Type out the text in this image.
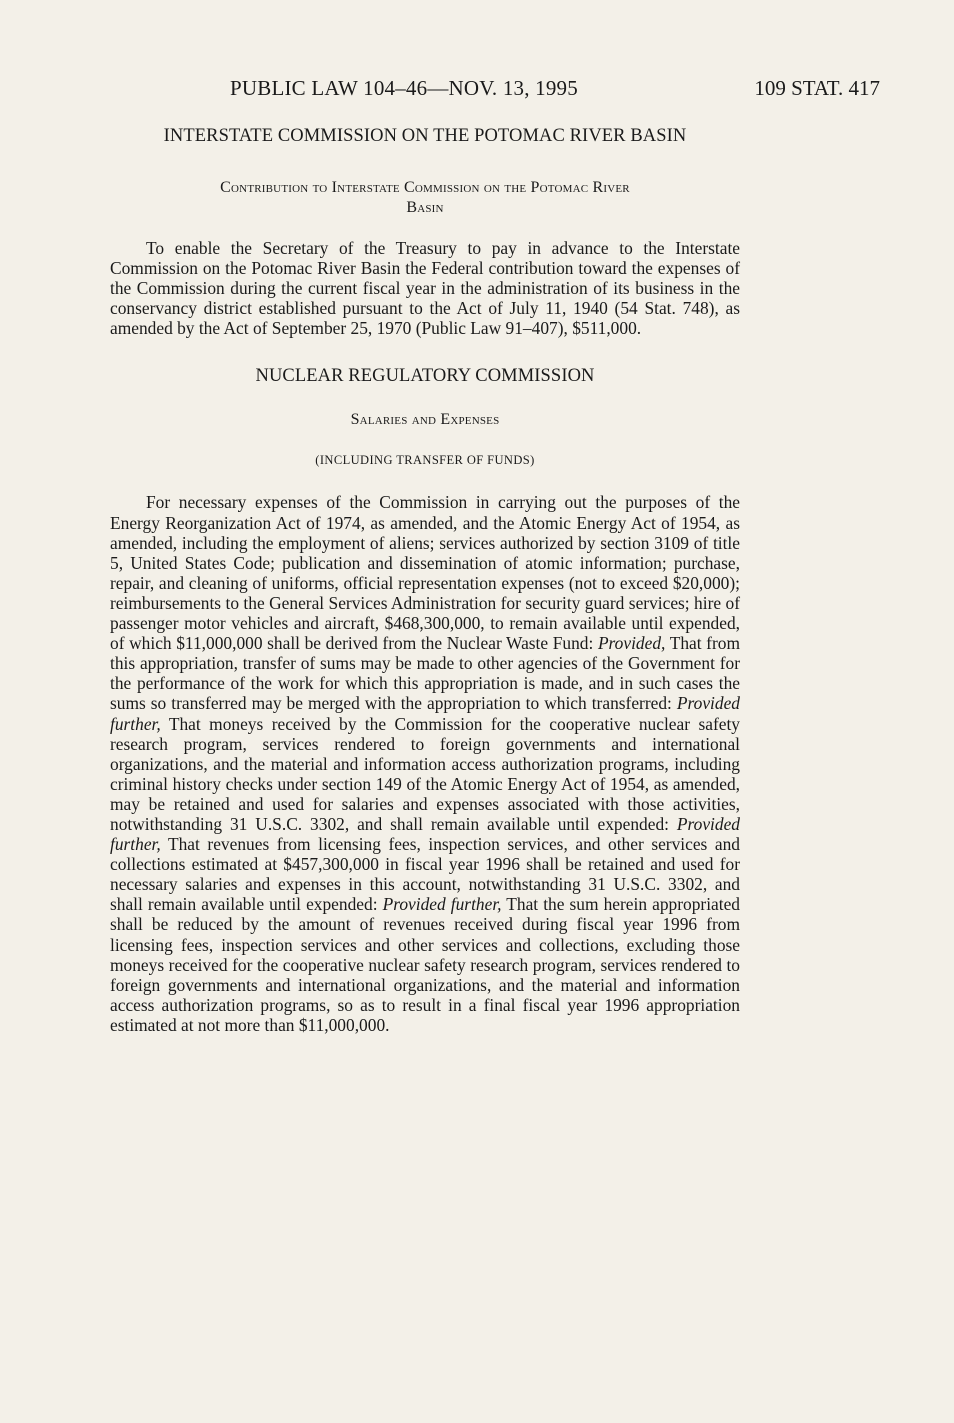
PUBLIC LAW 104–46—NOV. 13, 1995	109 STAT. 417
INTERSTATE COMMISSION ON THE POTOMAC RIVER BASIN
Contribution to Interstate Commission on the Potomac River
Basin

To enable the Secretary of the Treasury to pay in advance to the Interstate Commission on the Potomac River Basin the Federal contribution toward the expenses of the Commission during the current fiscal year in the administration of its business in the conservancy district established pursuant to the Act of July 11, 1940 (54 Stat. 748), as amended by the Act of September 25, 1970 (Public Law 91–407), $511,000.

NUCLEAR REGULATORY COMMISSION
Salaries and Expenses
(INCLUDING TRANSFER OF FUNDS)

For necessary expenses of the Commission in carrying out the purposes of the Energy Reorganization Act of 1974, as amended, and the Atomic Energy Act of 1954, as amended, including the employment of aliens; services authorized by section 3109 of title 5, United States Code; publication and dissemination of atomic information; purchase, repair, and cleaning of uniforms, official representation expenses (not to exceed $20,000); reimbursements to the General Services Administration for security guard services; hire of passenger motor vehicles and aircraft, $468,300,000, to remain available until expended, of which $11,000,000 shall be derived from the Nuclear Waste Fund: Provided, That from this appropriation, transfer of sums may be made to other agencies of the Government for the performance of the work for which this appropriation is made, and in such cases the sums so transferred may be merged with the appropriation to which transferred: Provided further, That moneys received by the Commission for the cooperative nuclear safety research program, services rendered to foreign governments and international organizations, and the material and information access authorization programs, including criminal history checks under section 149 of the Atomic Energy Act of 1954, as amended, may be retained and used for salaries and expenses associated with those activities, notwithstanding 31 U.S.C. 3302, and shall remain available until expended: Provided further, That revenues from licensing fees, inspection services, and other services and collections estimated at $457,300,000 in fiscal year 1996 shall be retained and used for necessary salaries and expenses in this account, notwithstanding 31 U.S.C. 3302, and shall remain available until expended: Provided further, That the sum herein appropriated shall be reduced by the amount of revenues received during fiscal year 1996 from licensing fees, inspection services and other services and collections, excluding those moneys received for the cooperative nuclear safety research program, services rendered to foreign governments and international organizations, and the material and information access authorization programs, so as to result in a final fiscal year 1996 appropriation estimated at not more than $11,000,000.
